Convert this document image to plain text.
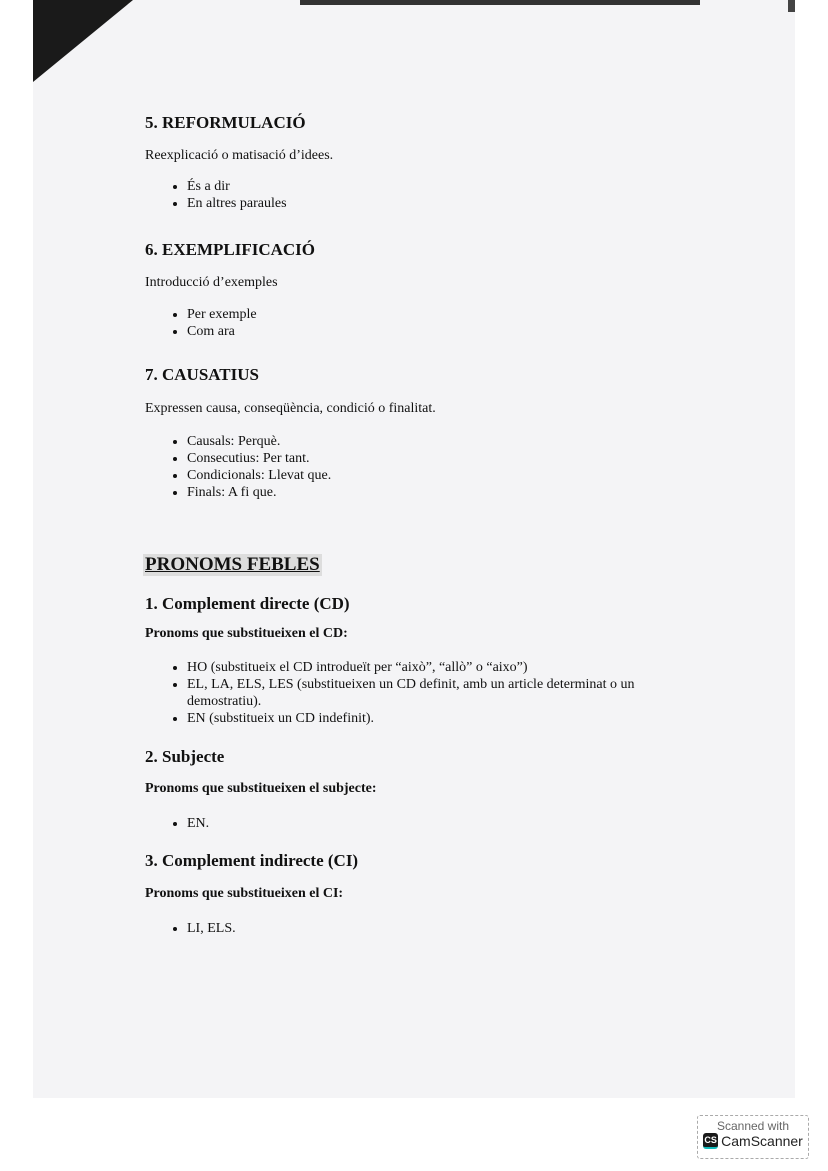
5. REFORMULACIÓ

Reexplicació o matisació d’idees.

• És a dir
• En altres paraules

6. EXEMPLIFICACIÓ

Introducció d’exemples

• Per exemple
• Com ara

7. CAUSATIUS

Expressen causa, conseqüència, condició o finalitat.

• Causals: Perquè.
• Consecutius: Per tant.
• Condicionals: Llevat que.
• Finals: A fi que.

PRONOMS FEBLES

1. Complement directe (CD)

Pronoms que substitueixen el CD:

• HO (substitueix el CD introduеït per “això”, “allò” o “aixo”)
• EL, LA, ELS, LES (substitueixen un CD definit, amb un article determinat o un demostratiu).
• EN (substitueix un CD indefinit).

2. Subjecte

Pronoms que substitueixen el subjecte:

• EN.

3. Complement indirecte (CI)

Pronoms que substitueixen el CI:

• LI, ELS.
Scanned with
CS CamScanner
